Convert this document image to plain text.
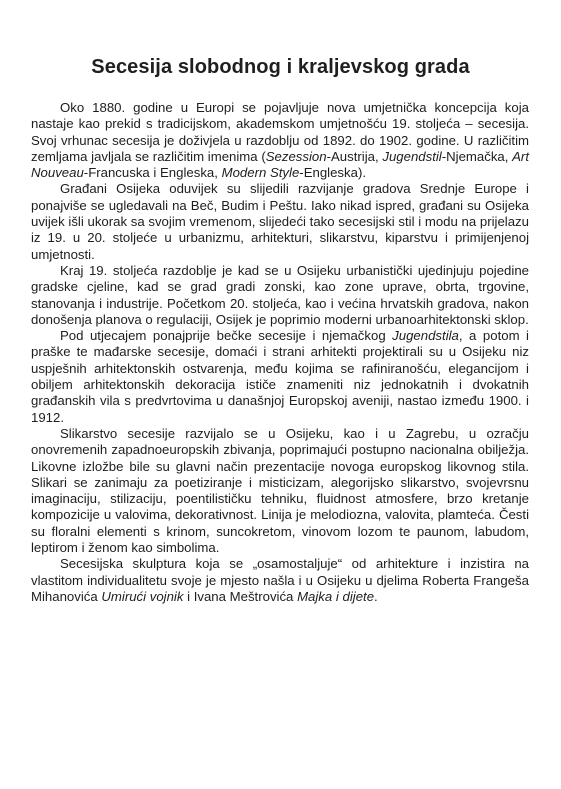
Secesija slobodnog i kraljevskog grada

Oko 1880. godine u Europi se pojavljuje nova umjetnička koncepcija koja nastaje kao prekid s tradicijskom, akademskom umjetnošću 19. stoljeća – secesija. Svoj vrhunac secesija je doživjela u razdoblju od 1892. do 1902. godine. U različitim zemljama javljala se različitim imenima (Sezession-Austrija, Jugendstil-Njemačka, Art Nouveau-Francuska i Engleska, Modern Style-Engleska).

Građani Osijeka oduvijek su slijedili razvijanje gradova Srednje Europe i ponajviše se ugledavali na Beč, Budim i Peštu. Iako nikad ispred, građani su Osijeka uvijek išli ukorak sa svojim vremenom, slijedeći tako secesijski stil i modu na prijelazu iz 19. u 20. stoljeće u urbanizmu, arhitekturi, slikarstvu, kiparstvu i primijenjenoj umjetnosti.

Kraj 19. stoljeća razdoblje je kad se u Osijeku urbanistički ujedinjuju pojedine gradske cjeline, kad se grad gradi zonski, kao zone uprave, obrta, trgovine, stanovanja i industrije. Početkom 20. stoljeća, kao i većina hrvatskih gradova, nakon donošenja planova o regulaciji, Osijek je poprimio moderni urbanoarhitektonski sklop.

Pod utjecajem ponajprije bečke secesije i njemačkog Jugendstila, a potom i praške te mađarske secesije, domaći i strani arhitekti projektirali su u Osijeku niz uspješnih arhitektonskih ostvarenja, među kojima se rafiniranošću, elegancijom i obiljem arhitektonskih dekoracija ističe znameniti niz jednokatnih i dvokatnih građanskih vila s predvrtovima u današnjoj Europskoj aveniji, nastao između 1900. i 1912.

Slikarstvo secesije razvijalo se u Osijeku, kao i u Zagrebu, u ozračju onovremenih zapadnoeuropskih zbivanja, poprimajući postupno nacionalna obilježja. Likovne izložbe bile su glavni način prezentacije novoga europskog likovnog stila. Slikari se zanimaju za poetiziranje i misticizam, alegorijsko slikarstvo, svojevrsnu imaginaciju, stilizaciju, poentilističku tehniku, fluidnost atmosfere, brzo kretanje kompozicije u valovima, dekorativnost. Linija je melodiozna, valovita, plamteća. Česti su floralni elementi s krinom, suncokretom, vinovom lozom te paunom, labudom, leptirom i ženom kao simbolima.

Secesijska skulptura koja se „osamostaljuje“ od arhitekture i inzistira na vlastitom individualitetu svoje je mjesto našla i u Osijeku u djelima Roberta Frangeša Mihanovića Umirući vojnik i Ivana Meštrovića Majka i dijete.
